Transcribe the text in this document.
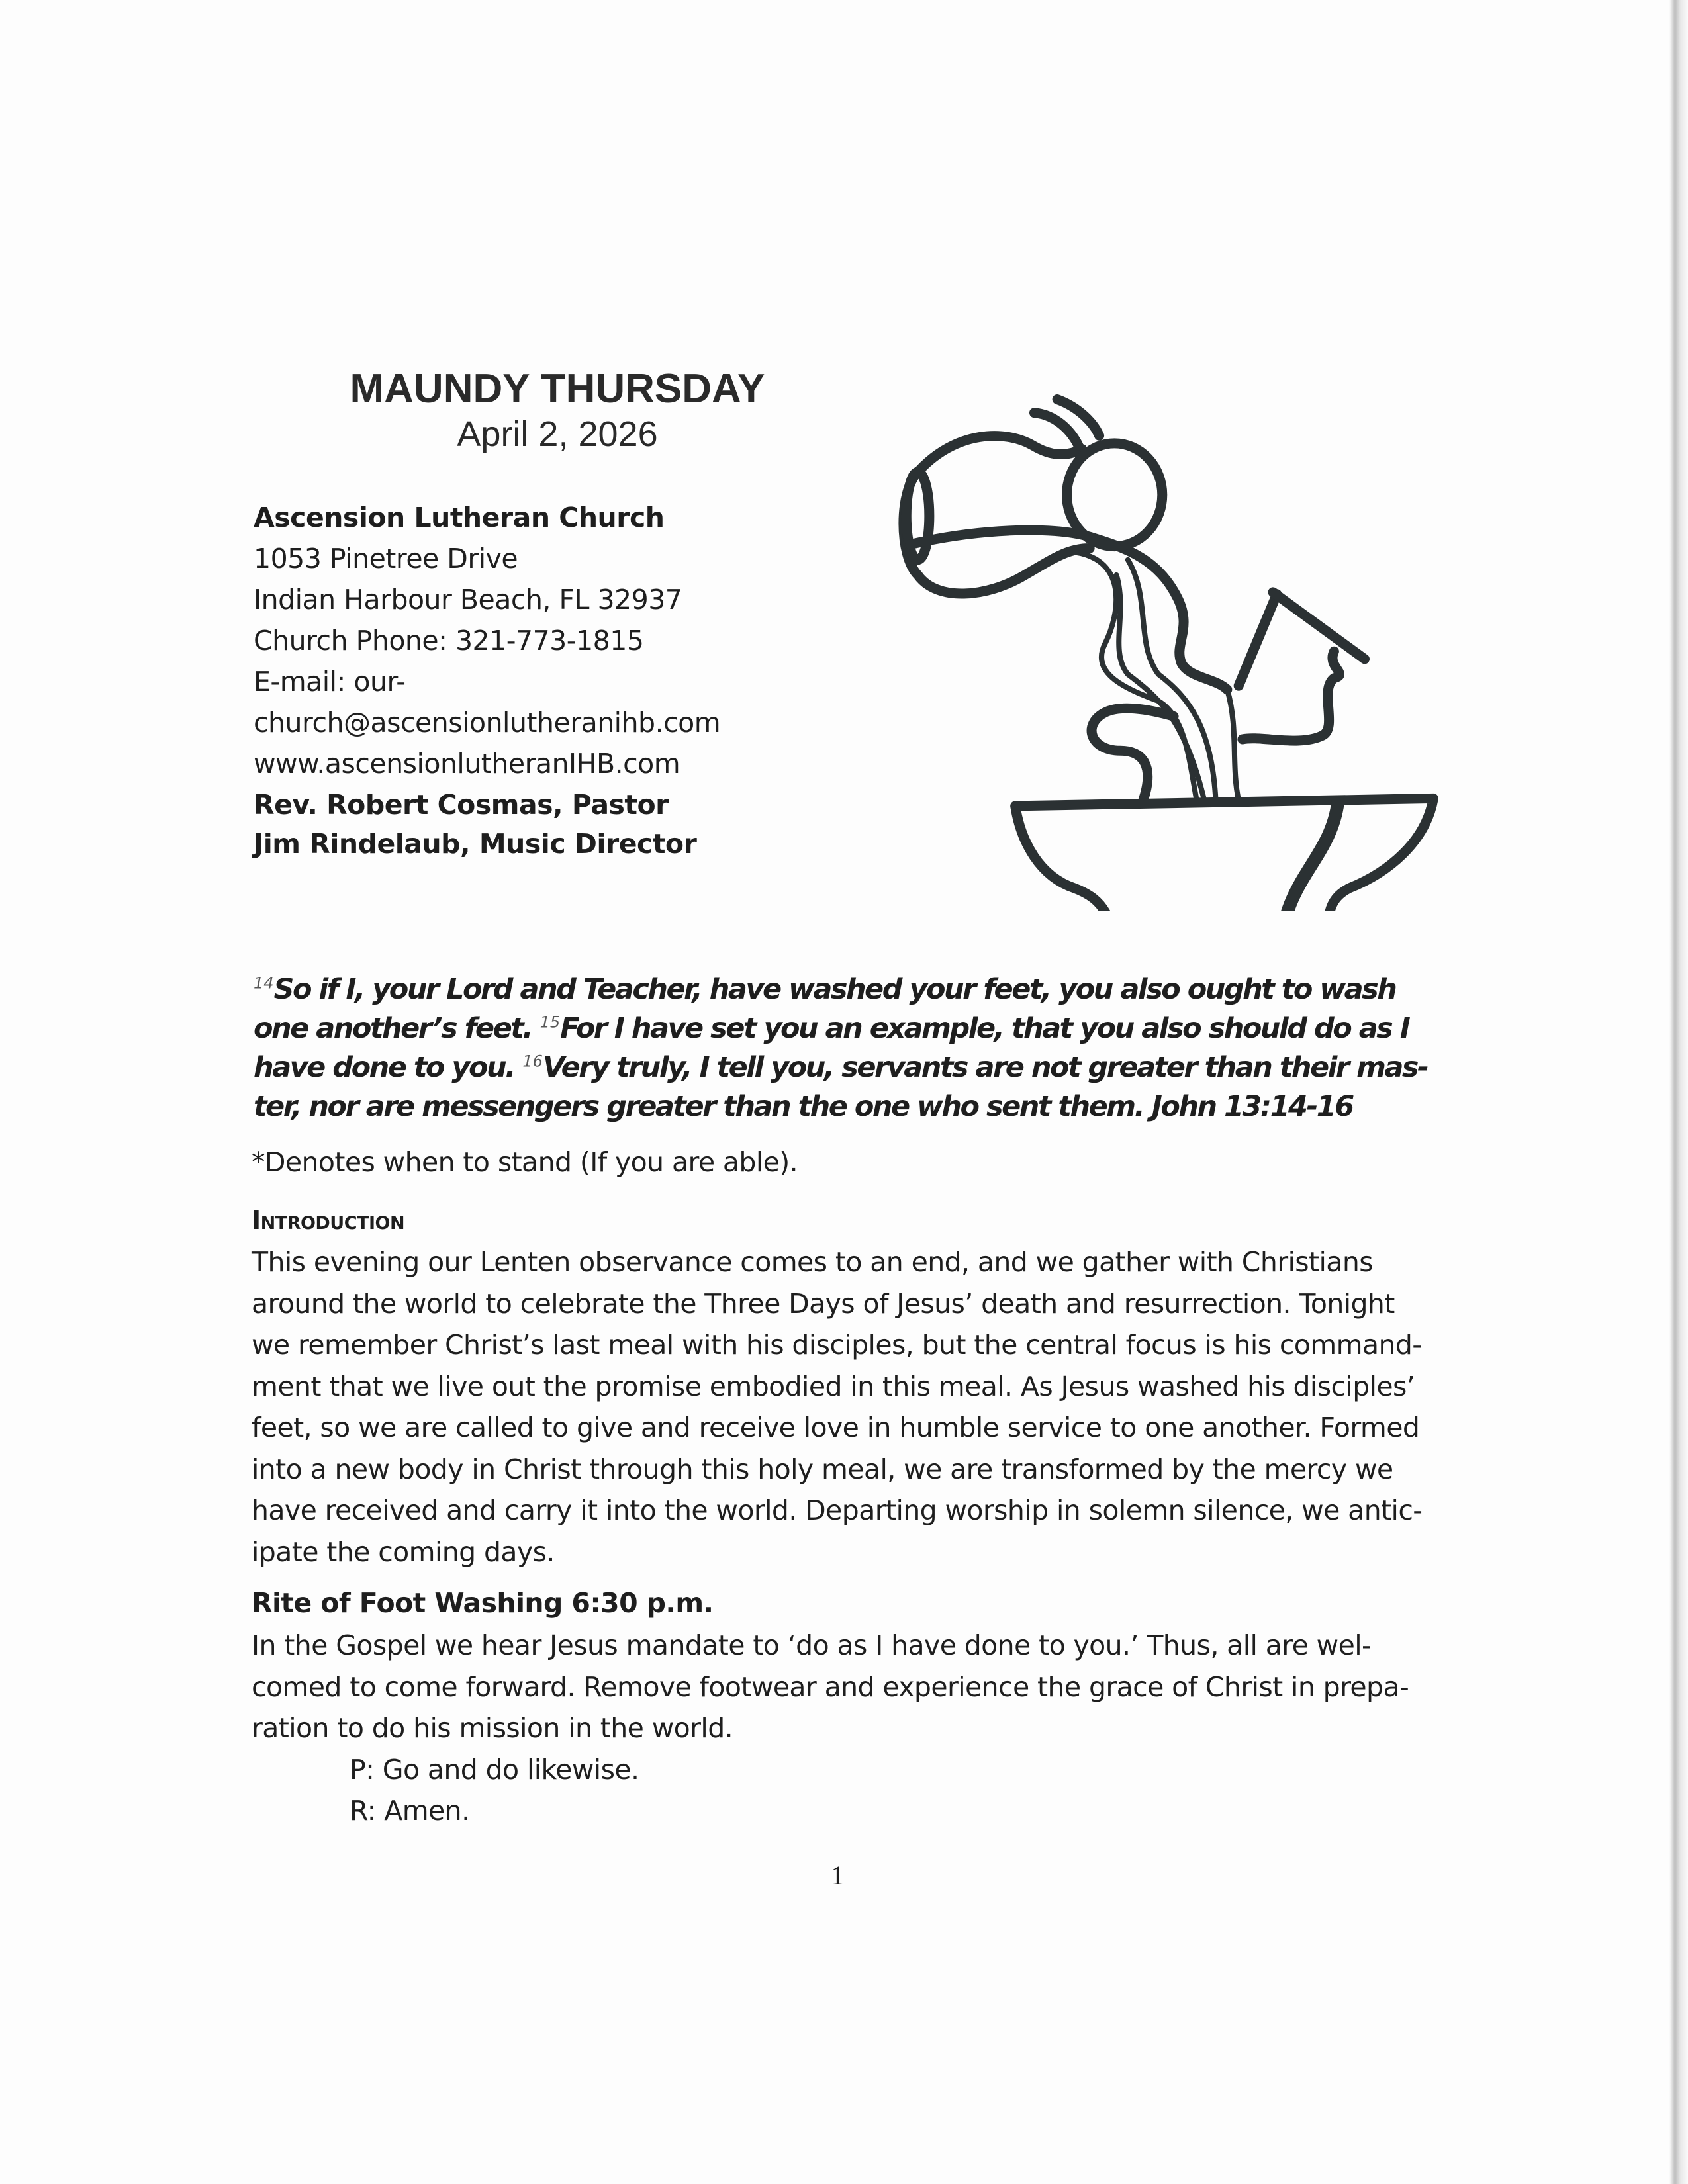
MAUNDY THURSDAY
April 2, 2026
Ascension Lutheran Church
1053 Pinetree Drive
Indian Harbour Beach, FL 32937
Church Phone: 321-773-1815
E-mail: our-
church@ascensionlutheranihb.com
www.ascensionlutheranIHB.com
Rev. Robert Cosmas, Pastor
Jim Rindelaub, Music Director
$^{14}$So if I, your Lord and Teacher, have washed your feet, you also ought to wash
one another’s feet. $^{15}$For I have set you an example, that you also should do as I
have done to you. $^{16}$Very truly, I tell you, servants are not greater than their mas-
ter, nor are messengers greater than the one who sent them. John 13:14-16
*Denotes when to stand (If you are able).
Introduction
This evening our Lenten observance comes to an end, and we gather with Christians
around the world to celebrate the Three Days of Jesus’ death and resurrection. Tonight
we remember Christ’s last meal with his disciples, but the central focus is his command-
ment that we live out the promise embodied in this meal. As Jesus washed his disciples’
feet, so we are called to give and receive love in humble service to one another. Formed
into a new body in Christ through this holy meal, we are transformed by the mercy we
have received and carry it into the world. Departing worship in solemn silence, we antic-
ipate the coming days.
Rite of Foot Washing 6:30 p.m.
In the Gospel we hear Jesus mandate to ‘do as I have done to you.’ Thus, all are wel-
comed to come forward. Remove footwear and experience the grace of Christ in prepa-
ration to do his mission in the world.
P: Go and do likewise.
R: Amen.
1
